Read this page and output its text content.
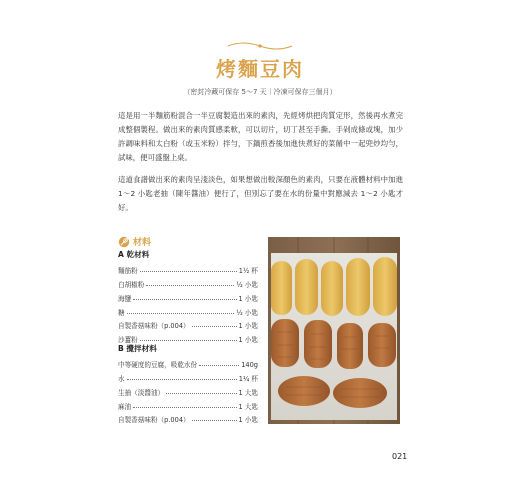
烤麵豆肉
（密封冷藏可保存 5～7 天｜冷凍可保存三個月）

這是用一半麵筋粉混合一半豆腐製造出來的素肉，先經烤烘把肉質定形，然後再水煮完成整個製程。做出來的素肉質感柔軟，可以切片，切丁甚至手撕、手剁成條或塊，加少許調味料和太白粉（或玉米粉）拌勻，下鍋煎香後加進快煮好的菜餚中一起兜炒均勻，試味，便可盛盤上桌。

這道食譜做出來的素肉呈淺淡色，如果想做出較深顏色的素肉，只要在液體材料中加進 1～2 小匙老抽（陳年醬油）便行了，但別忘了要在水的份量中對應減去 1～2 小匙才好。

材料
A 乾材料
麵筋粉	1½ 杯
白胡椒粉	½ 小匙
海鹽	1 小匙
糖	½ 小匙
自製香菇味粉（p.004）	1 小匙
沙薑粉	1 小匙
B 攪拌材料
中等硬度的豆腐，吸乾水份	140g
水	1¼ 杯
生抽（淡醬油）	1 大匙
麻油	1 大匙
自製香菇味粉（p.004）	1 小匙
021
